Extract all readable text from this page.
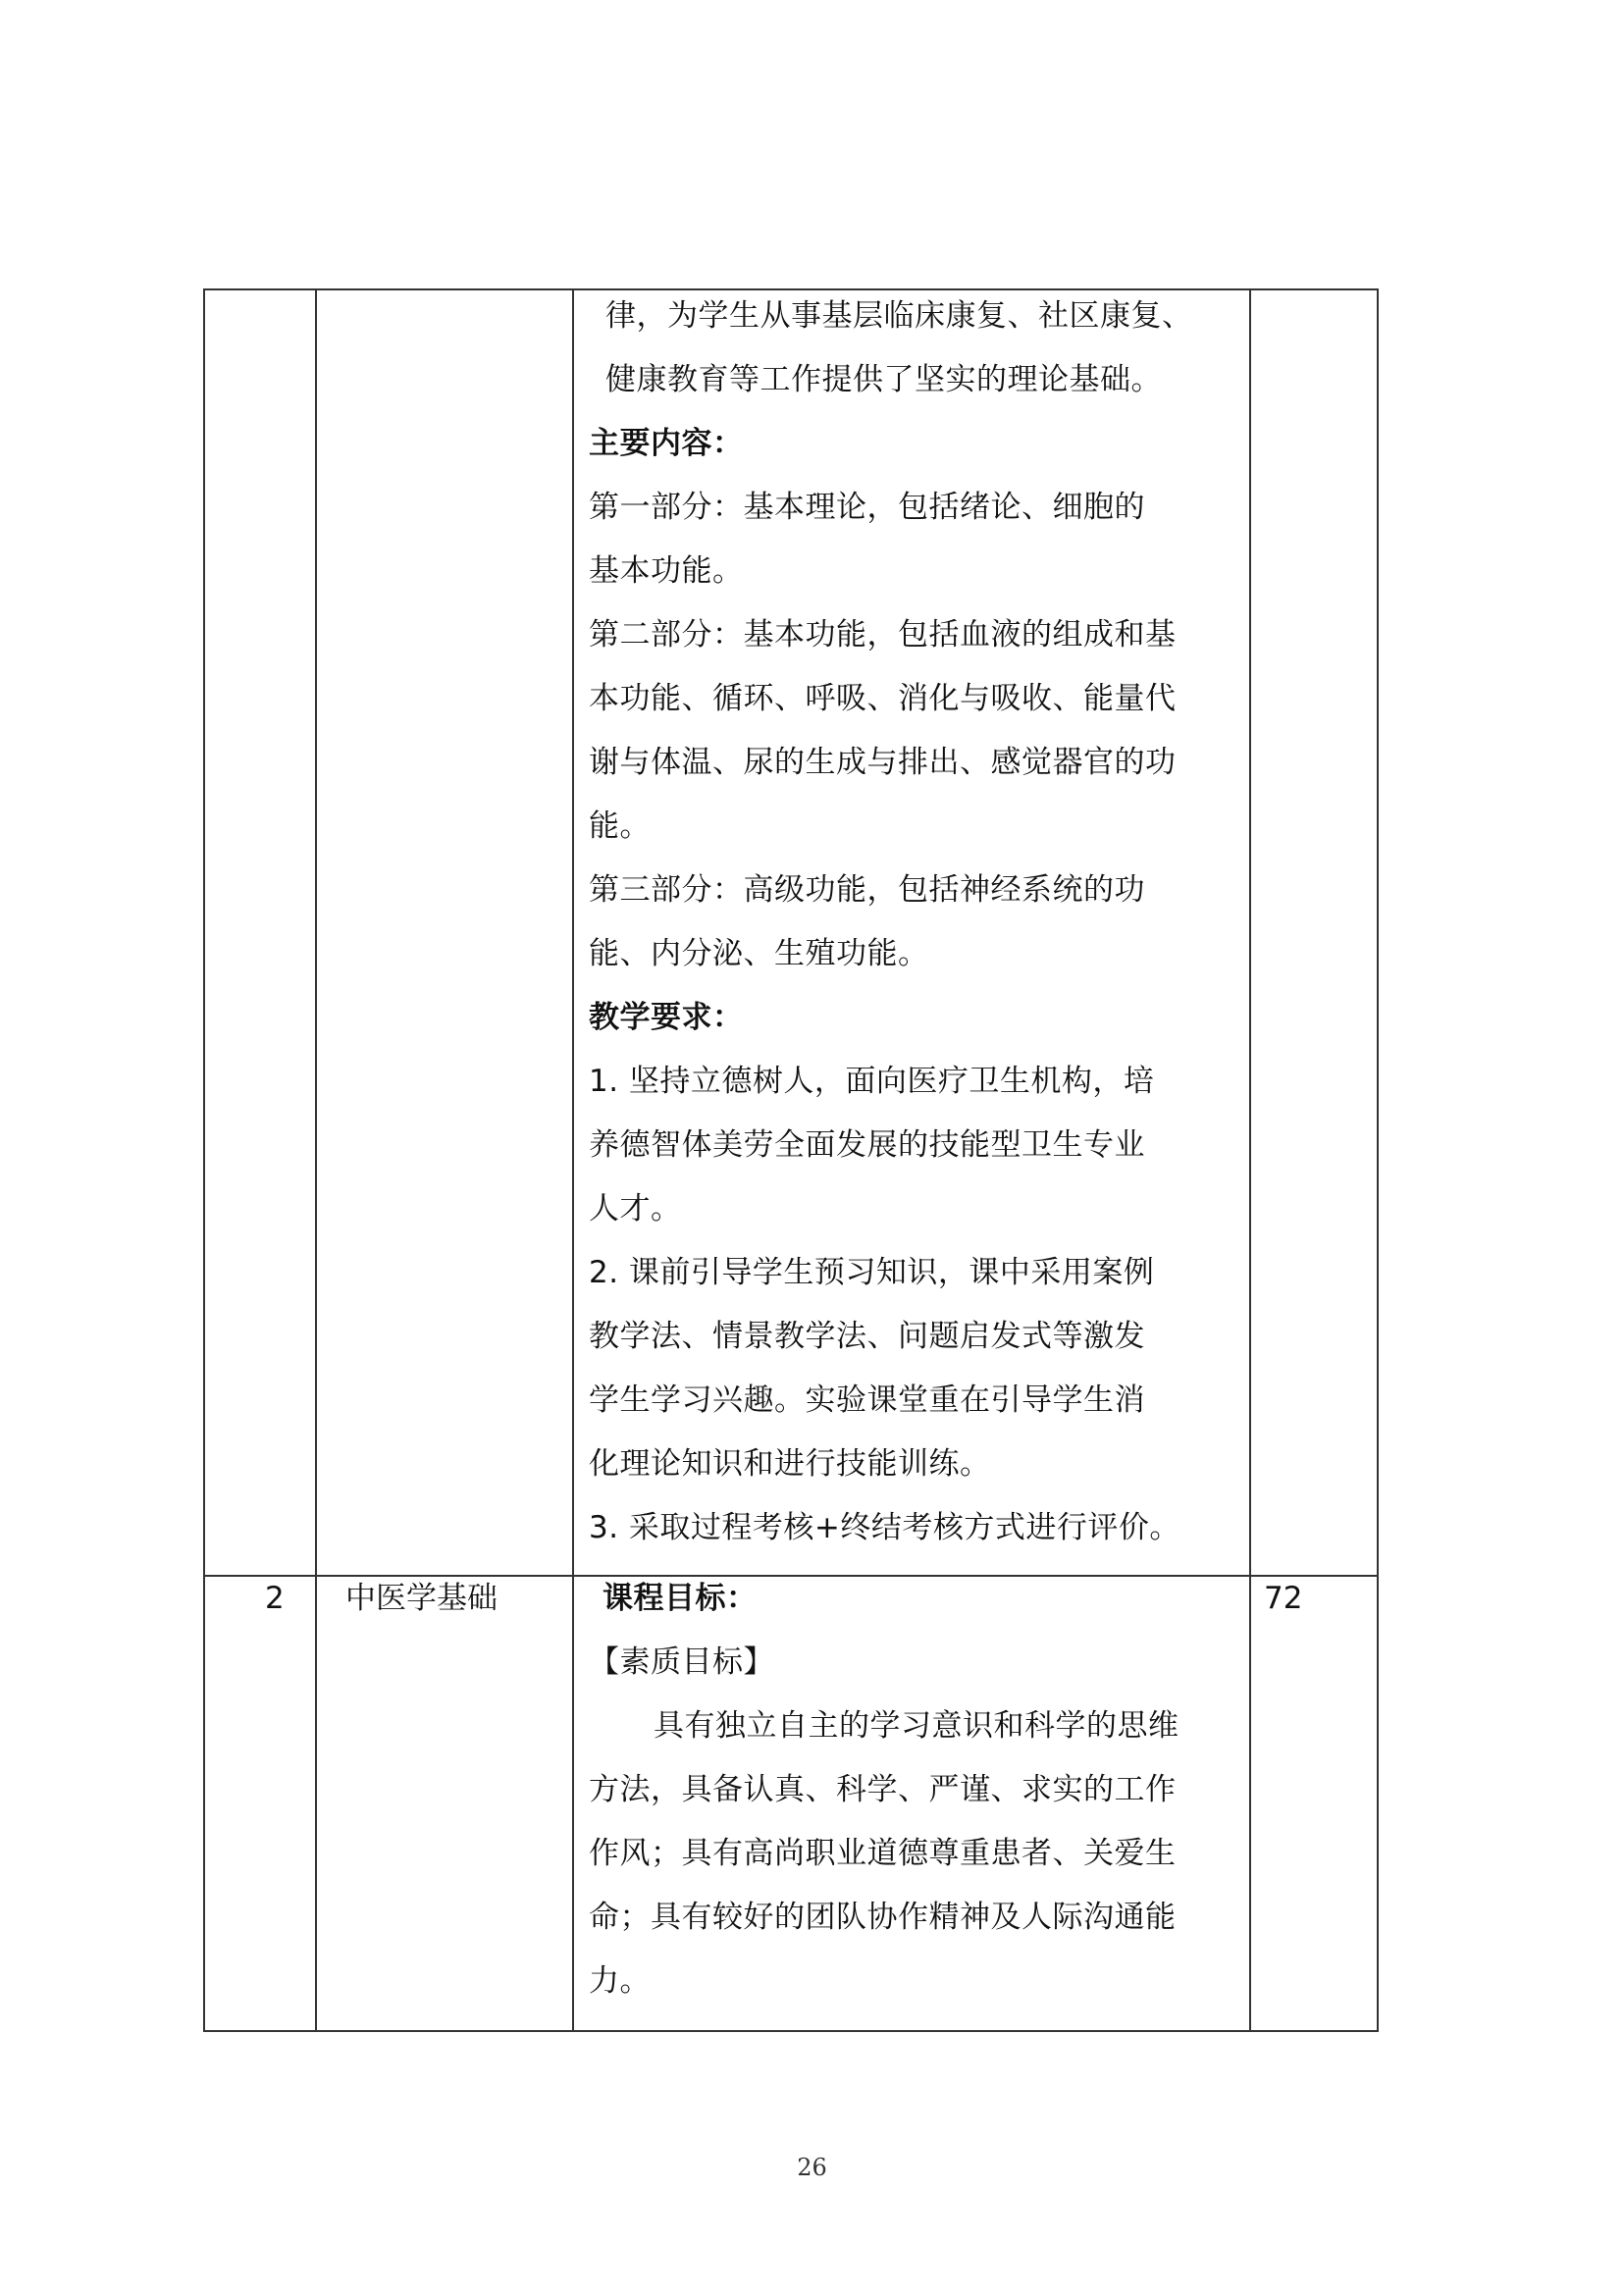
律，为学生从事基层临床康复、社区康复、
健康教育等工作提供了坚实的理论基础。
主要内容：
第一部分：基本理论，包括绪论、细胞的
基本功能。
第二部分：基本功能，包括血液的组成和基
本功能、循环、呼吸、消化与吸收、能量代
谢与体温、尿的生成与排出、感觉器官的功
能。
第三部分：高级功能，包括神经系统的功
能、内分泌、生殖功能。
教学要求：
1. 坚持立德树人，面向医疗卫生机构，培
养德智体美劳全面发展的技能型卫生专业
人才。
2. 课前引导学生预习知识，课中采用案例
教学法、情景教学法、问题启发式等激发
学生学习兴趣。实验课堂重在引导学生消
化理论知识和进行技能训练。
3. 采取过程考核+终结考核方式进行评价。
2 中医学基础	72
课程目标：
【素质目标】
具有独立自主的学习意识和科学的思维
方法，具备认真、科学、严谨、求实的工作
作风；具有高尚职业道德尊重患者、关爱生
命；具有较好的团队协作精神及人际沟通能
力。
26
